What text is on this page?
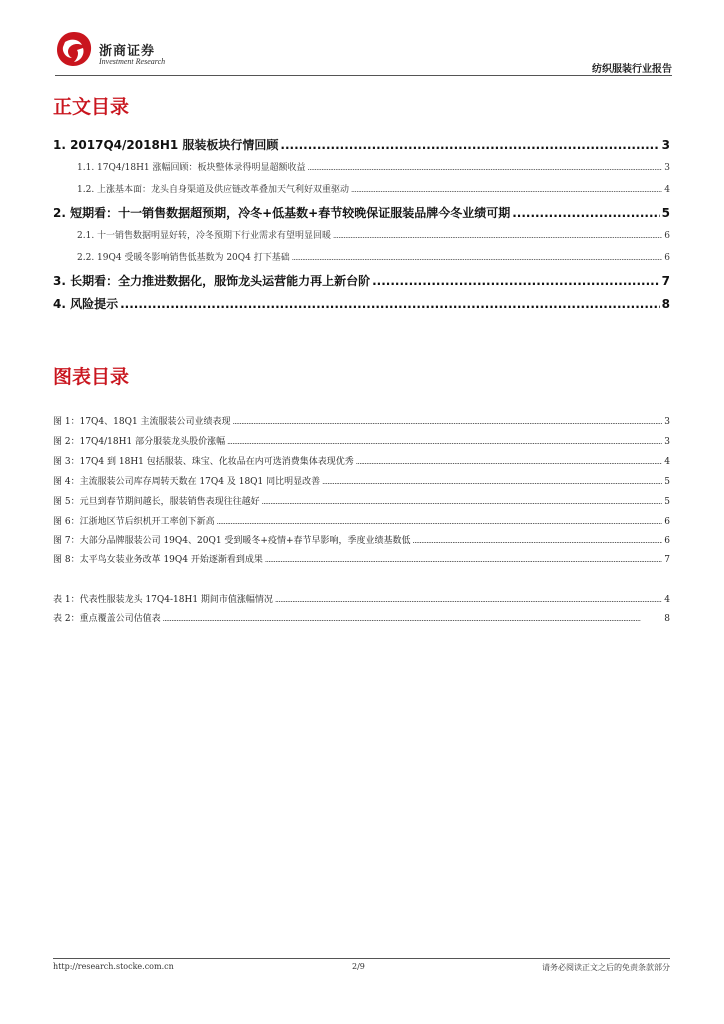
浙商证券
Investment Research
纺织服装行业报告
正文目录
1. 2017Q4/2018H1 服装板块行情回顾 .....	3
1.1. 17Q4/18H1 涨幅回顾：板块整体录得明显超额收益 .....	3
1.2. 上涨基本面：龙头自身渠道及供应链改革叠加天气利好双重驱动 .....	4
2. 短期看：十一销售数据超预期，冷冬+低基数+春节较晚保证服装品牌今冬业绩可期 .....	5
2.1. 十一销售数据明显好转，冷冬预期下行业需求有望明显回暖 .....	6
2.2. 19Q4 受暖冬影响销售低基数为 20Q4 打下基础 .....	6
3. 长期看：全力推进数据化，服饰龙头运营能力再上新台阶 .....	7
4. 风险提示 .....	8
图表目录
图 1：17Q4、18Q1 主流服装公司业绩表现 .....	3
图 2：17Q4/18H1 部分服装龙头股价涨幅 .....	3
图 3：17Q4 到 18H1 包括服装、珠宝、化妆品在内可选消费集体表现优秀 .....	4
图 4：主流服装公司库存周转天数在 17Q4 及 18Q1 同比明显改善 .....	5
图 5：元旦到春节期间越长，服装销售表现往往越好 .....	5
图 6：江浙地区节后织机开工率创下新高 .....	6
图 7：大部分品牌服装公司 19Q4、20Q1 受到暖冬+疫情+春节早影响，季度业绩基数低 .....	6
图 8：太平鸟女装业务改革 19Q4 开始逐渐看到成果 .....	7
表 1：代表性服装龙头 17Q4-18H1 期间市值涨幅情况 .....	4
表 2：重点覆盖公司估值表 .....	8
http://research.stocke.com.cn	2/9	请务必阅读正文之后的免责条款部分
